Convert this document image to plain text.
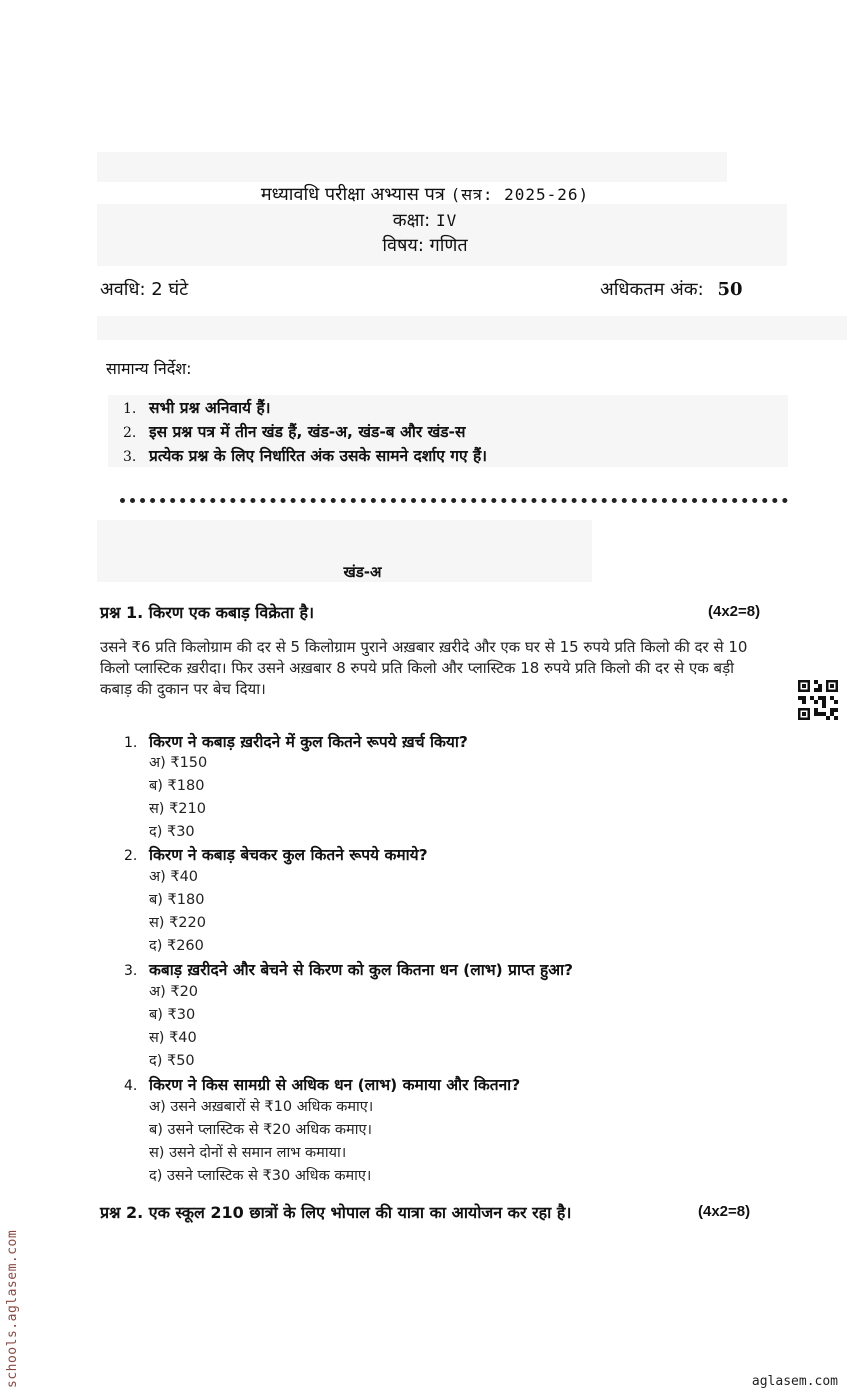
मध्यावधि परीक्षा अभ्यास पत्र (सत्र: 2025-26)
कक्षा: IV
विषय: गणित
अवधि: 2 घंटे	अधिकतम अंक: 50
सामान्य निर्देश:
1. सभी प्रश्न अनिवार्य हैं।
2. इस प्रश्न पत्र में तीन खंड हैं, खंड-अ, खंड-ब और खंड-स
3. प्रत्येक प्रश्न के लिए निर्धारित अंक उसके सामने दर्शाए गए हैं।
खंड-अ
प्रश्न 1. किरण एक कबाड़ विक्रेता है।	(4x2=8)
उसने ₹6 प्रति किलोग्राम की दर से 5 किलोग्राम पुराने अख़बार ख़रीदे और एक घर से 15 रुपये प्रति किलो की दर से 10 किलो प्लास्टिक ख़रीदा। फिर उसने अख़बार 8 रुपये प्रति किलो और प्लास्टिक 18 रुपये प्रति किलो की दर से एक बड़ी कबाड़ की दुकान पर बेच दिया।
1. किरण ने कबाड़ ख़रीदने में कुल कितने रूपये ख़र्च किया?
अ) ₹150
ब) ₹180
स) ₹210
द) ₹30
2. किरण ने कबाड़ बेचकर कुल कितने रूपये कमाये?
अ) ₹40
ब) ₹180
स) ₹220
द) ₹260
3. कबाड़ ख़रीदने और बेचने से किरण को कुल कितना धन (लाभ) प्राप्त हुआ?
अ) ₹20
ब) ₹30
स) ₹40
द) ₹50
4. किरण ने किस सामग्री से अधिक धन (लाभ) कमाया और कितना?
अ) उसने अख़बारों से ₹10 अधिक कमाए।
ब) उसने प्लास्टिक से ₹20 अधिक कमाए।
स) उसने दोनों से समान लाभ कमाया।
द) उसने प्लास्टिक से ₹30 अधिक कमाए।
प्रश्न 2. एक स्कूल 210 छात्रों के लिए भोपाल की यात्रा का आयोजन कर रहा है।	(4x2=8)
schools.aglasem.com	aglasem.com
